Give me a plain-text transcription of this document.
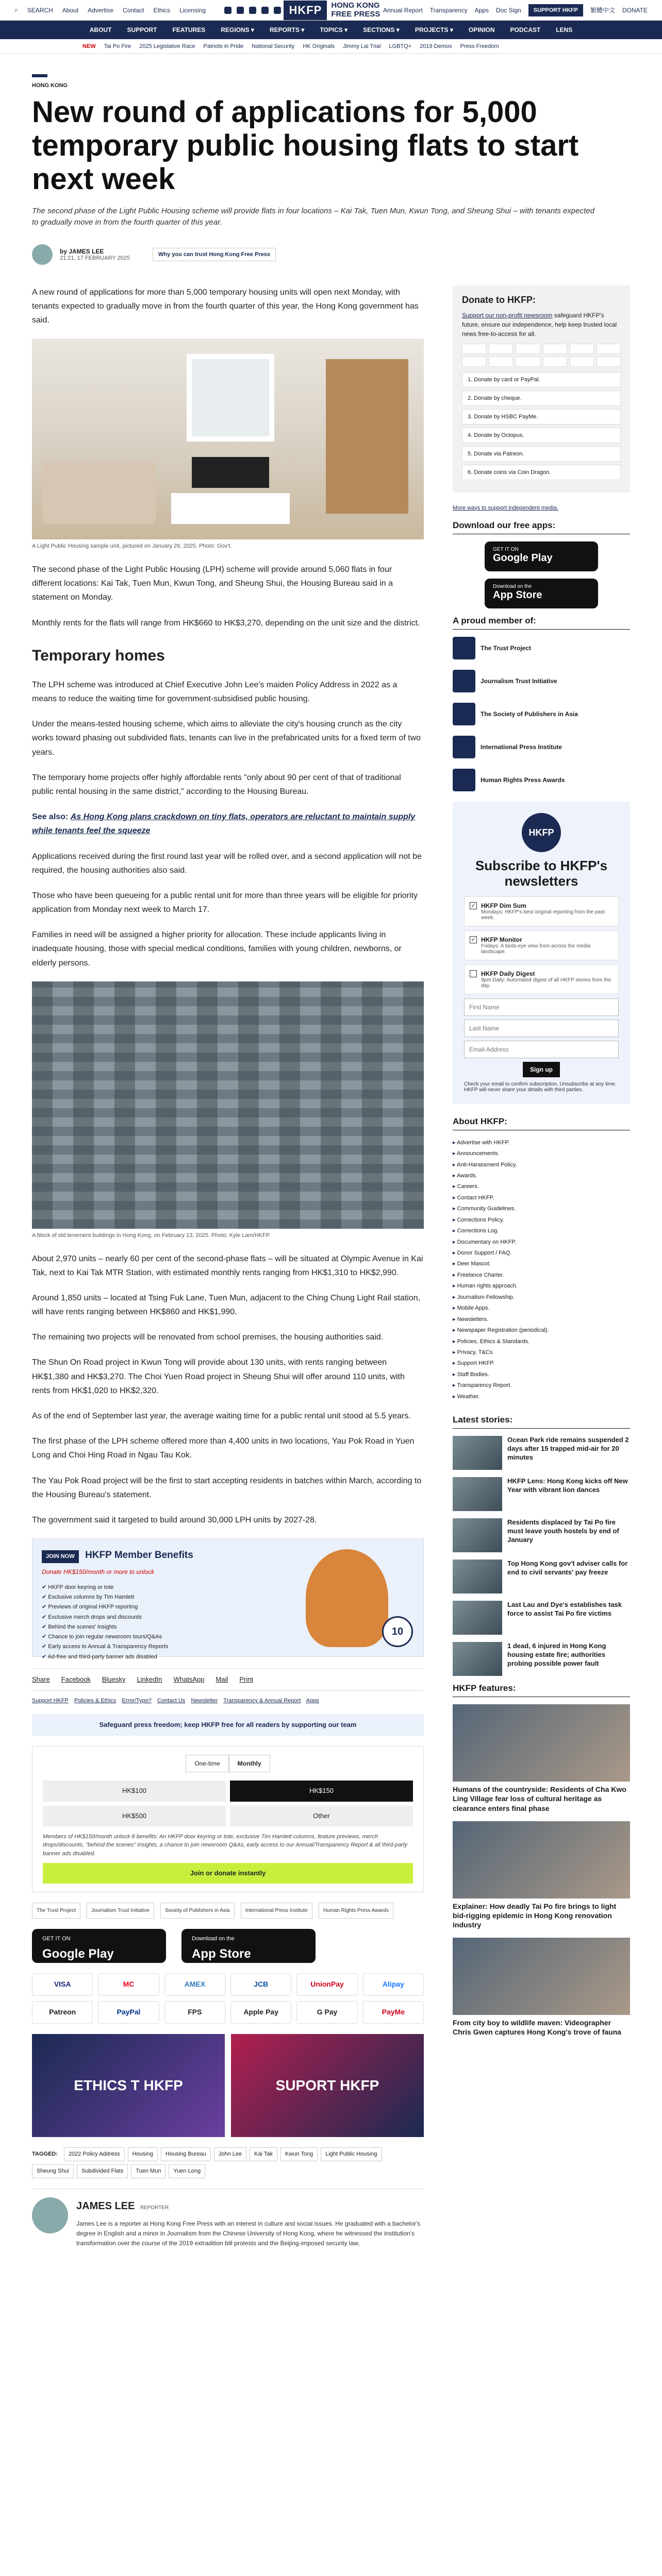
⌕ SEARCH About Advertise Contact Ethics Licensing	HKFP	HONG KONG
FREE PRESS Annual Report Transparency Apps Doc Sign	SUPPORT HKFP	繁體中文 DONATE
ABOUT	SUPPORT	FEATURES	REGIONS ▾	REPORTS ▾	TOPICS ▾	SECTIONS ▾	PROJECTS ▾	OPINION	PODCAST	LENS
NEW Tai Po Fire 2025 Legislative Race Patriots in Pride National Security HK Originals Jimmy Lai Trial LGBTQ+ 2019 Demos Press Freedom
HONG KONG
New round of applications for 5,000 temporary public housing flats to start next week

The second phase of the Light Public Housing scheme will provide flats in four locations – Kai Tak, Tuen Mun, Kwun Tong, and Sheung Shui – with tenants expected to gradually move in from the fourth quarter of this year.

by JAMES LEE
21:21, 17 FEBRUARY 2025
Why you can trust Hong Kong Free Press

A new round of applications for more than 5,000 temporary housing units will open next Monday, with tenants expected to gradually move in from the fourth quarter of this year, the Hong Kong government has said.

A Light Public Housing sample unit, pictured on January 26, 2025. Photo: Gov't.

The second phase of the Light Public Housing (LPH) scheme will provide around 5,060 flats in four different locations: Kai Tak, Tuen Mun, Kwun Tong, and Sheung Shui, the Housing Bureau said in a statement on Monday.

Monthly rents for the flats will range from HK$660 to HK$3,270, depending on the unit size and the district.

Temporary homes

The LPH scheme was introduced at Chief Executive John Lee's maiden Policy Address in 2022 as a means to reduce the waiting time for government-subsidised public housing.

Under the means-tested housing scheme, which aims to alleviate the city's housing crunch as the city works toward phasing out subdivided flats, tenants can live in the prefabricated units for a fixed term of two years.

The temporary home projects offer highly affordable rents "only about 90 per cent of that of traditional public rental housing in the same district," according to the Housing Bureau.

See also: As Hong Kong plans crackdown on tiny flats, operators are reluctant to maintain supply while tenants feel the squeeze

Applications received during the first round last year will be rolled over, and a second application will not be required, the housing authorities also said.

Those who have been queueing for a public rental unit for more than three years will be eligible for priority application from Monday next week to March 17.

Families in need will be assigned a higher priority for allocation. These include applicants living in inadequate housing, those with special medical conditions, families with young children, newborns, or elderly persons.

A block of old tenement buildings in Hong Kong, on February 13, 2025. Photo: Kyle Lam/HKFP.

About 2,970 units – nearly 60 per cent of the second-phase flats – will be situated at Olympic Avenue in Kai Tak, next to Kai Tak MTR Station, with estimated monthly rents ranging from HK$1,310 to HK$2,990.

Around 1,850 units – located at Tsing Fuk Lane, Tuen Mun, adjacent to the Ching Chung Light Rail station, will have rents ranging between HK$860 and HK$1,990.

The remaining two projects will be renovated from school premises, the housing authorities said.

The Shun On Road project in Kwun Tong will provide about 130 units, with rents ranging between HK$1,380 and HK$3,270. The Choi Yuen Road project in Sheung Shui will offer around 110 units, with rents from HK$1,020 to HK$2,320.

As of the end of September last year, the average waiting time for a public rental unit stood at 5.5 years.

The first phase of the LPH scheme offered more than 4,400 units in two locations, Yau Pok Road in Yuen Long and Choi Hing Road in Ngau Tau Kok.

The Yau Pok Road project will be the first to start accepting residents in batches within March, according to the Housing Bureau's statement.

The government said it targeted to build around 30,000 LPH units by 2027-28.

JOIN NOW HKFP Member Benefits
Donate HK$150/month or more to unlock
✔ HKFP door keyring or tote
✔ Exclusive columns by Tim Hamlett
✔ Previews of original HKFP reporting
✔ Exclusive merch drops and discounts
✔ Behind the scenes' insights
✔ Chance to join regular newsroom tours/Q&As
✔ Early access to Annual & Transparency Reports
✔ Ad-free and third-party banner ads disabled
10
Share Facebook Bluesky LinkedIn WhatsApp Mail Print
Support HKFP Policies & Ethics Error/Typo? Contact Us Newsletter Transparency & Annual Report Apps
Safeguard press freedom; keep HKFP free for all readers by supporting our team
One-time	Monthly
HK$100	HK$150
HK$500	Other

Members of HK$150/month unlock 8 benefits: An HKFP door keyring or tote, exclusive Tim Hamlett columns, feature previews, merch drops/discounts, "behind the scenes" insights, a chance to join newsroom Q&As, early access to our Annual/Transparency Report & all third-party banner ads disabled.

Join or donate instantly
The Trust Project	Journalism Trust Initiative	Society of Publishers in Asia	International Press Institute	Human Rights Press Awards
GET IT ON
Google Play
Download on the
App Store
VISA	MC	AMEX	JCB	UnionPay	Alipay
Patreon	PayPal	FPS	Apple Pay	G Pay	PayMe
ETHICS T HKFP	SUPORT HKFP
TAGGED:	2022 Policy Address	Housing	Housing Bureau	John Lee	Kai Tak	Kwun Tong	Light Public Housing
Sheung Shui	Subdivided Flats	Tuen Mun	Yuen Long
JAMES LEE REPORTER

James Lee is a reporter at Hong Kong Free Press with an interest in culture and social issues. He graduated with a bachelor's degree in English and a minor in Journalism from the Chinese University of Hong Kong, where he witnessed the institution's transformation over the course of the 2019 extradition bill protests and the Beijing-imposed security law.

Donate to HKFP:

Support our non-profit newsroom safeguard HKFP's future, ensure our independence, help keep trusted local news free-to-access for all.

1. Donate by card or PayPal.
2. Donate by cheque.
3. Donate by HSBC PayMe.
4. Donate by Octopus.
5. Donate via Patreon.
6. Donate coins via Coin Dragon.
More ways to support independent media.
Download our free apps:
GET IT ON
Google Play
Download on the
App Store
A proud member of:
The Trust Project
Journalism Trust Initiative
The Society of Publishers in Asia
International Press Institute
Human Rights Press Awards
HKFP
Subscribe to HKFP's newsletters
✓ HKFP Dim Sum
Mondays: HKFP's best original reporting from the past week.
✓ HKFP Monitor
Fridays: A birds-eye view from across the media landscape.
HKFP Daily Digest
9pm Daily: Automated digest of all HKFP stories from the day.
First Name Last Name Email Address Sign up

Check your email to confirm subscription. Unsubscribe at any time. HKFP will never share your details with third parties.

About HKFP:
▸ Advertise with HKFP.
▸ Announcements.
▸ Anti-Harassment Policy.
▸ Awards.
▸ Careers.
▸ Contact HKFP.
▸ Community Guidelines.
▸ Corrections Policy.
▸ Corrections Log.
▸ Documentary on HKFP.
▸ Donor Support / FAQ.
▸ Deer Mascot.
▸ Freelance Charter.
▸ Human rights approach.
▸ Journalism Fellowship.
▸ Mobile Apps.
▸ Newsletters.
▸ Newspaper Registration (periodical).
▸ Policies, Ethics & Standards.
▸ Privacy, T&Cs.
▸ Support HKFP.
▸ Staff Bodies.
▸ Transparency Report.
▸ Weather.
Latest stories:
Ocean Park ride remains suspended 2 days after 15 trapped mid-air for 20 minutes
HKFP Lens: Hong Kong kicks off New Year with vibrant lion dances
Residents displaced by Tai Po fire must leave youth hostels by end of January
Top Hong Kong gov't adviser calls for end to civil servants' pay freeze
Last Lau and Dye's establishes task force to assist Tai Po fire victims
1 dead, 6 injured in Hong Kong housing estate fire; authorities probing possible power fault
HKFP features:
Humans of the countryside: Residents of Cha Kwo Ling Village fear loss of cultural heritage as clearance enters final phase
Explainer: How deadly Tai Po fire brings to light bid-rigging epidemic in Hong Kong renovation industry
From city boy to wildlife maven: Videographer Chris Gwen captures Hong Kong's trove of fauna
